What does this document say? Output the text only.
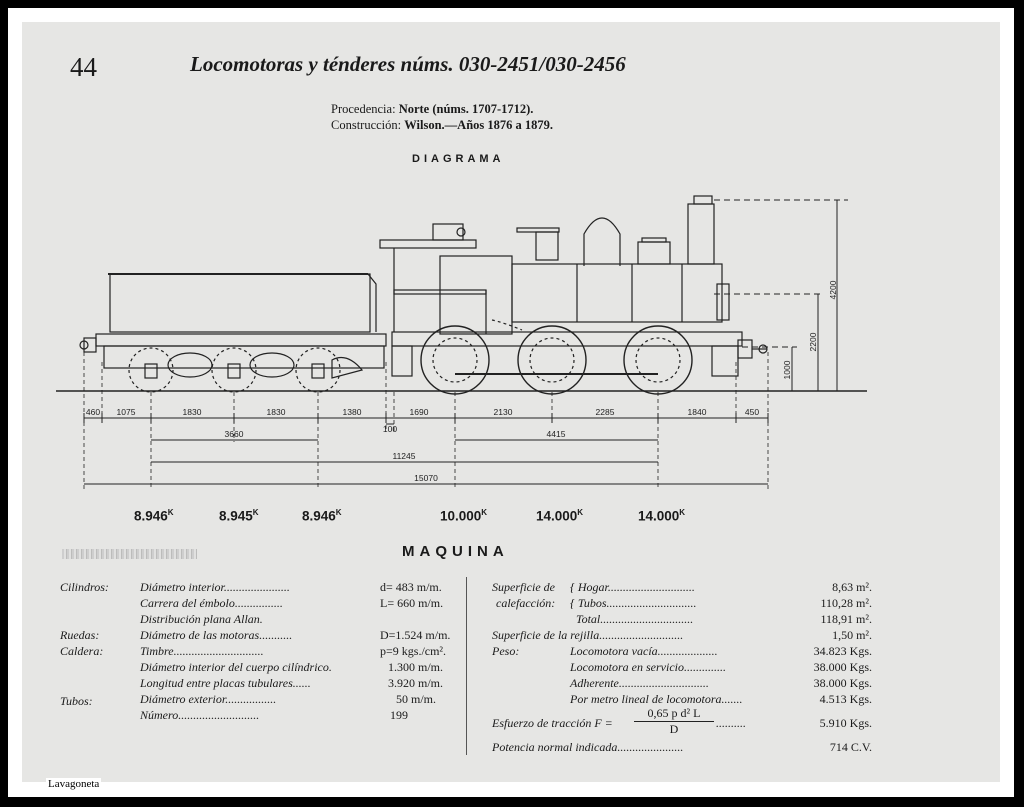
44	Locomotoras y ténderes núms. 030-2451/030-2456
Procedencia: Norte (núms. 1707-1712).
Construcción: Wilson.—Años 1876 a 1879.
DIAGRAMA
460 1075	1830	1830	1380	1690	2130	2285	1840	450
100
3660	4415
11245
15070
4200
2200
1000
$8.946^K$	$8.945^K$	$8.946^K$	$10.000^K$	$14.000^K$	$14.000^K$
MAQUINA
Cilindros:	Diámetro interior......................	d= 483 m/m.
Carrera del émbolo................	L= 660 m/m.
Distribución plana Allan.
Ruedas:	Diámetro de las motoras...........	D=1.524 m/m.
Caldera:	Timbre..............................	p=9 kgs./cm².
Diámetro interior del cuerpo cilíndrico.	1.300 m/m.
Longitud entre placas tubulares......	3.920 m/m.
Tubos:	Diámetro exterior.................	50 m/m.
Número...........................	199
Superficie de
calefacción:
{ Hogar.............................	8,63 m².
{ Tubos..............................	110,28 m².
Total...............................	118,91 m².
Superficie de la rejilla............................	1,50 m².
Peso:	Locomotora vacía....................	34.823 Kgs.
Locomotora en servicio..............	38.000 Kgs.
Adherente..............................	38.000 Kgs.
Por metro lineal de locomotora.......	4.513 Kgs.
Esfuerzo de tracción $F = \frac{\text{0,65 p d² L}}{D}$ ..........	5.910 Kgs.
Potencia normal indicada......................	714 C.V.
Lavagoneta
